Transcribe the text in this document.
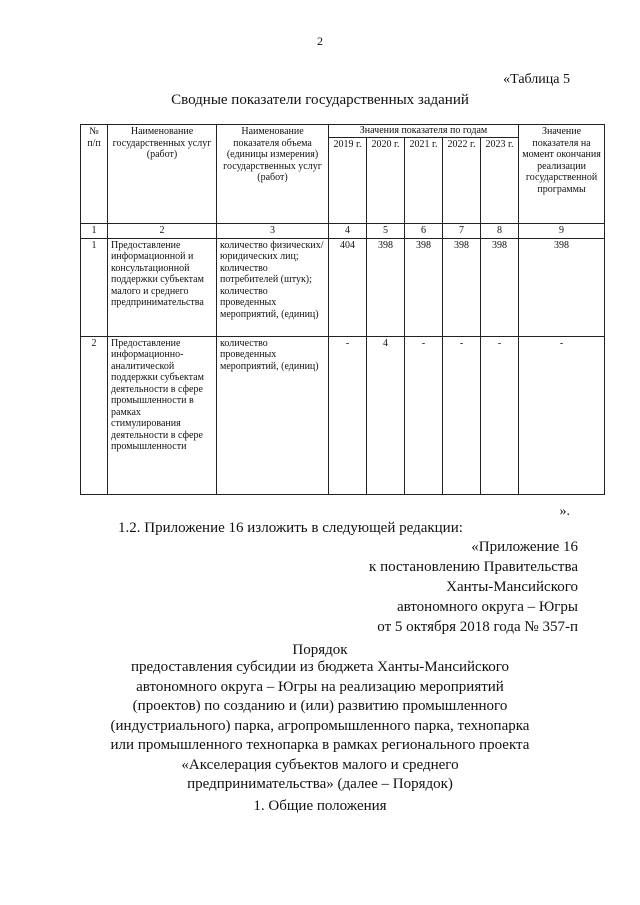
2
«Таблица 5
Сводные показатели государственных заданий
№ п/п	Наименование государственных услуг (работ)	Наименование показателя объема (единицы измерения) государственных услуг (работ)	Значения показателя по годам					Значение показателя на момент окончания реализации государственной программы
			2019 г.	2020 г.	2021 г.	2022 г.	2023 г.	
1	2	3	4	5	6	7	8	9
1	Предоставление информационной и консультационной поддержки субъектам малого и среднего предпринимательства	количество физических/юридических лиц; количество потребителей (штук); количество проведенных мероприятий, (единиц)	404	398	398	398	398	398
2	Предоставление информационно-аналитической поддержки субъектам деятельности в сфере промышленности в рамках стимулирования деятельности в сфере промышленности	количество проведенных мероприятий, (единиц)	-	4	-	-	-	-
».
1.2. Приложение 16 изложить в следующей редакции:
«Приложение 16
к постановлению Правительства
Ханты-Мансийского
автономного округа – Югры
от 5 октября 2018 года № 357-п
Порядок
предоставления субсидии из бюджета Ханты-Мансийского
автономного округа – Югры на реализацию мероприятий
(проектов) по созданию и (или) развитию промышленного
(индустриального) парка, агропромышленного парка, технопарка
или промышленного технопарка в рамках регионального проекта
«Акселерация субъектов малого и среднего
предпринимательства» (далее – Порядок)
1. Общие положения
